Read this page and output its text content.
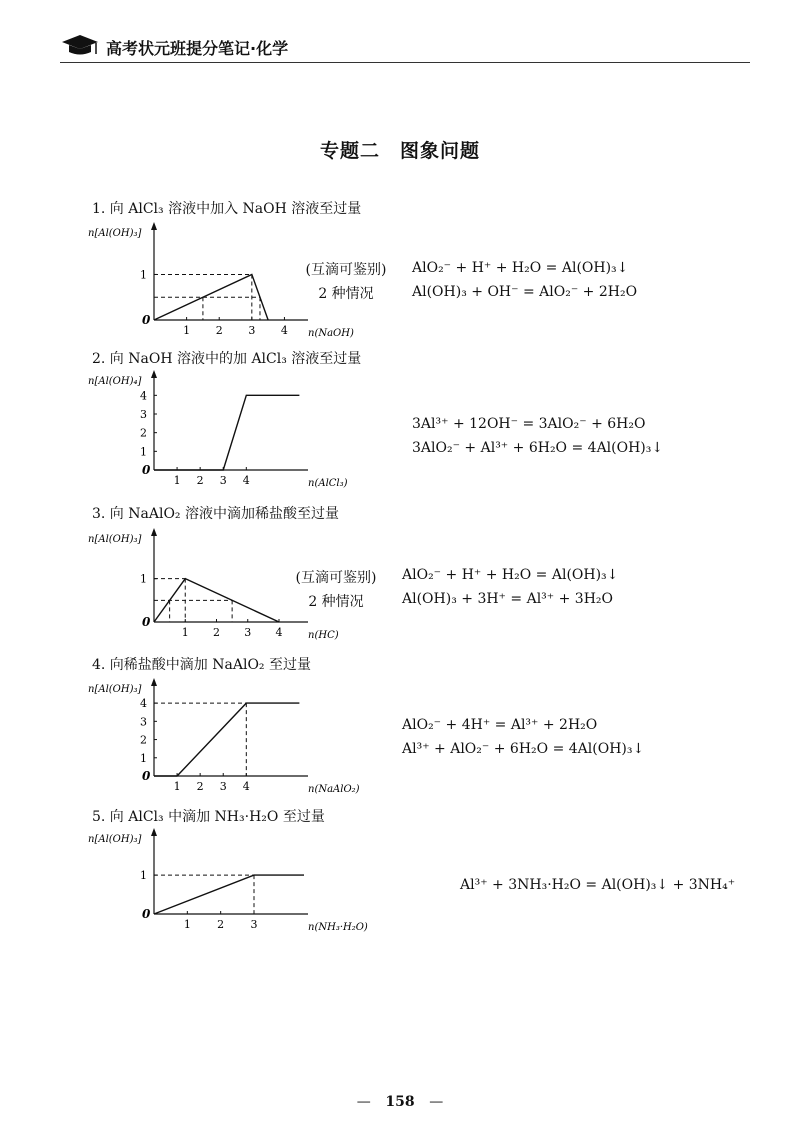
高考状元班提分笔记·化学
专题二　图象问题
1. 向 AlCl₃ 溶液中加入 NaOH 溶液至过量
n[Al(OH)₃]
n(NaOH)
0
1 2 3 4
1	(互滴可鉴别)
2 种情况
AlO₂⁻ + H⁺ + H₂O = Al(OH)₃↓
Al(OH)₃ + OH⁻ = AlO₂⁻ + 2H₂O
2. 向 NaOH 溶液中的加 AlCl₃ 溶液至过量
n[Al(OH)₄]
n(AlCl₃)
0
1 2 3 4
1
2
3
4
3Al³⁺ + 12OH⁻ = 3AlO₂⁻ + 6H₂O
3AlO₂⁻ + Al³⁺ + 6H₂O = 4Al(OH)₃↓
3. 向 NaAlO₂ 溶液中滴加稀盐酸至过量
n[Al(OH)₃]
n(HC)
0
1 2 3 4
1	(互滴可鉴别)
2 种情况
AlO₂⁻ + H⁺ + H₂O = Al(OH)₃↓
Al(OH)₃ + 3H⁺ = Al³⁺ + 3H₂O
4. 向稀盐酸中滴加 NaAlO₂ 至过量
n[Al(OH)₃]
n(NaAlO₂)
0
1 2 3 4
1
2
3
4
AlO₂⁻ + 4H⁺ = Al³⁺ + 2H₂O
Al³⁺ + AlO₂⁻ + 6H₂O = 4Al(OH)₃↓
5. 向 AlCl₃ 中滴加 NH₃·H₂O 至过量
n[Al(OH)₃]
n(NH₃·H₂O)
0
1 2 3
1
Al³⁺ + 3NH₃·H₂O = Al(OH)₃↓ + 3NH₄⁺
— 158 —
